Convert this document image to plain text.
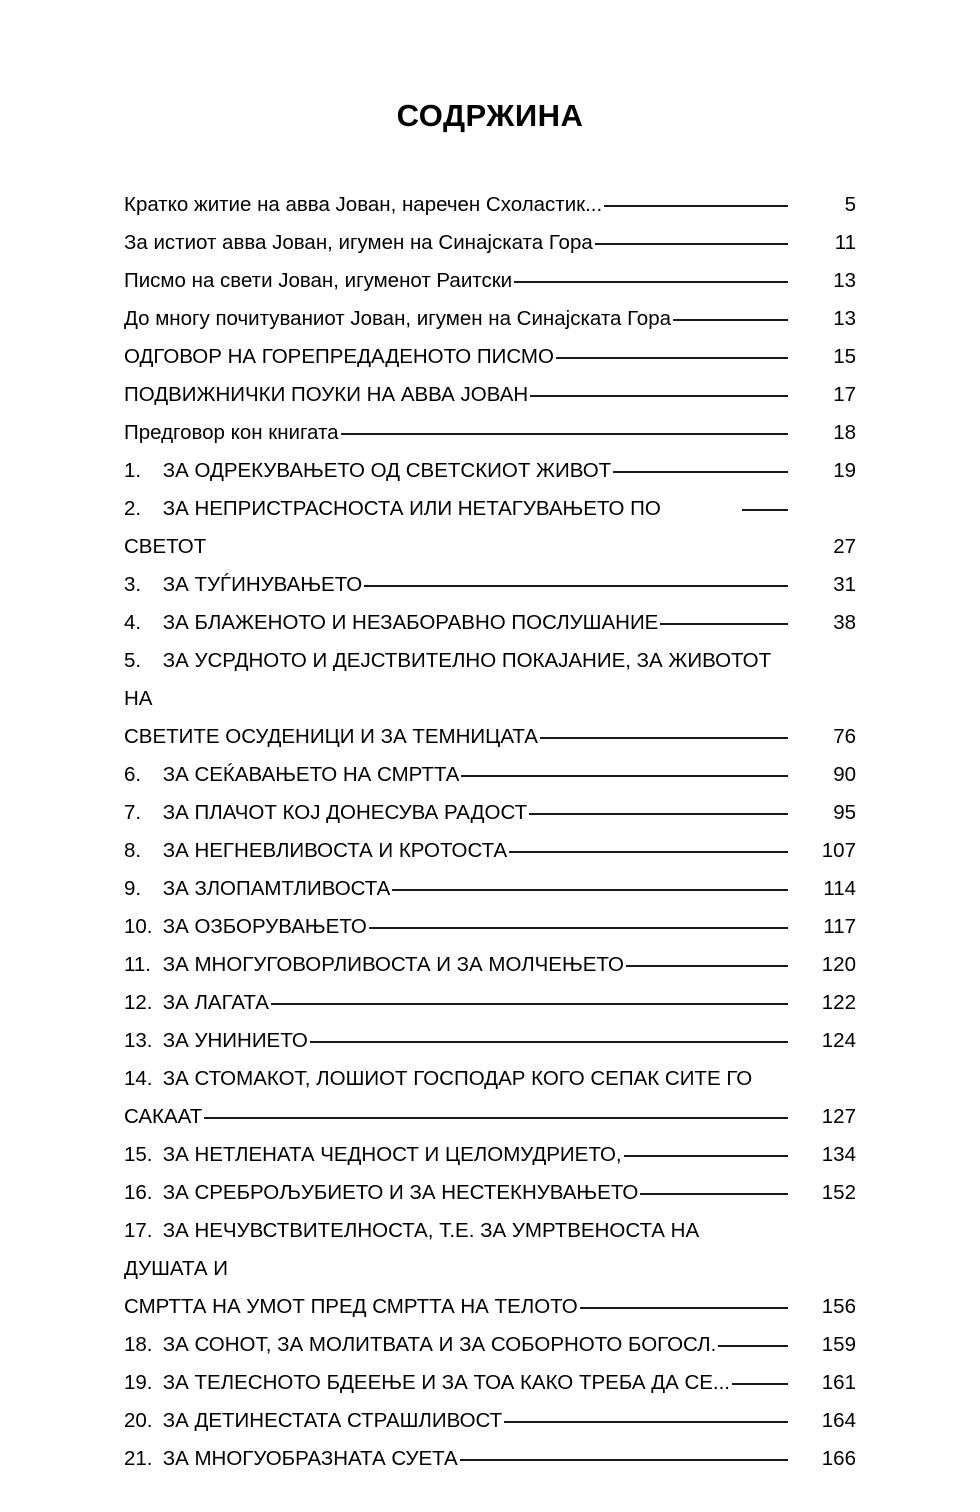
СОДРЖИНА
Кратко житие на авва Јован, наречен Схоластик...	5
За истиот авва Јован, игумен на Синајската Гора	11
Писмо на свети Јован, игуменот Раитски	13
До многу почитуваниот Јован, игумен на Синајската Гора	13
ОДГОВОР НА ГОРЕПРЕДАДЕНОТО ПИСМО	15
ПОДВИЖНИЧКИ ПОУКИ НА АВВА ЈОВАН	17
Предговор кон книгата	18
1. ЗА ОДРЕКУВАЊЕТО ОД СВЕТСКИОТ ЖИВОТ	19
2. ЗА НЕПРИСТРАСНОСТА ИЛИ НЕТАГУВАЊЕТО ПО СВЕТОТ	27
3. ЗА ТУЃИНУВАЊЕТО	31
4. ЗА БЛАЖЕНОТО И НЕЗАБОРАВНО ПОСЛУШАНИЕ	38
5. ЗА УСРДНОТО И ДЕЈСТВИТЕЛНО ПОКАЈАНИЕ, ЗА ЖИВОТОТ НА
СВЕТИТЕ ОСУДЕНИЦИ И ЗА ТЕМНИЦАТА	76
6. ЗА СЕЌАВАЊЕТО НА СМРТТА	90
7. ЗА ПЛАЧОТ КОЈ ДОНЕСУВА РАДОСТ	95
8. ЗА НЕГНЕВЛИВОСТА И КРОТОСТА	107
9. ЗА ЗЛОПАМТЛИВОСТА	114
10. ЗА ОЗБОРУВАЊЕТО	117
11. ЗА МНОГУГОВОРЛИВОСТА И ЗА МОЛЧЕЊЕТО	120
12. ЗА ЛАГАТА	122
13. ЗА УНИНИЕТО	124
14. ЗА СТОМАКОТ, ЛОШИОТ ГОСПОДАР КОГО СЕПАК СИТЕ ГО
САКААТ	127
15. ЗА НЕТЛЕНАТА ЧЕДНОСТ И ЦЕЛОМУДРИЕТО,	134
16. ЗА СРЕБРОЉУБИЕТО И ЗА НЕСТЕКНУВАЊЕТО	152
17. ЗА НЕЧУВСТВИТЕЛНОСТА, Т.Е. ЗА УМРТВЕНОСТА НА ДУШАТА И
СМРТТА НА УМОТ ПРЕД СМРТТА НА ТЕЛОТО	156
18. ЗА СОНОТ, ЗА МОЛИТВАТА И ЗА СОБОРНОТО БОГОСЛ.	159
19. ЗА ТЕЛЕСНОТО БДЕЕЊЕ И ЗА ТОА КАКО ТРЕБА ДА СЕ...	161
20. ЗА ДЕТИНЕСТАТА СТРАШЛИВОСТ	164
21. ЗА МНОГУОБРАЗНАТА СУЕТА	166
